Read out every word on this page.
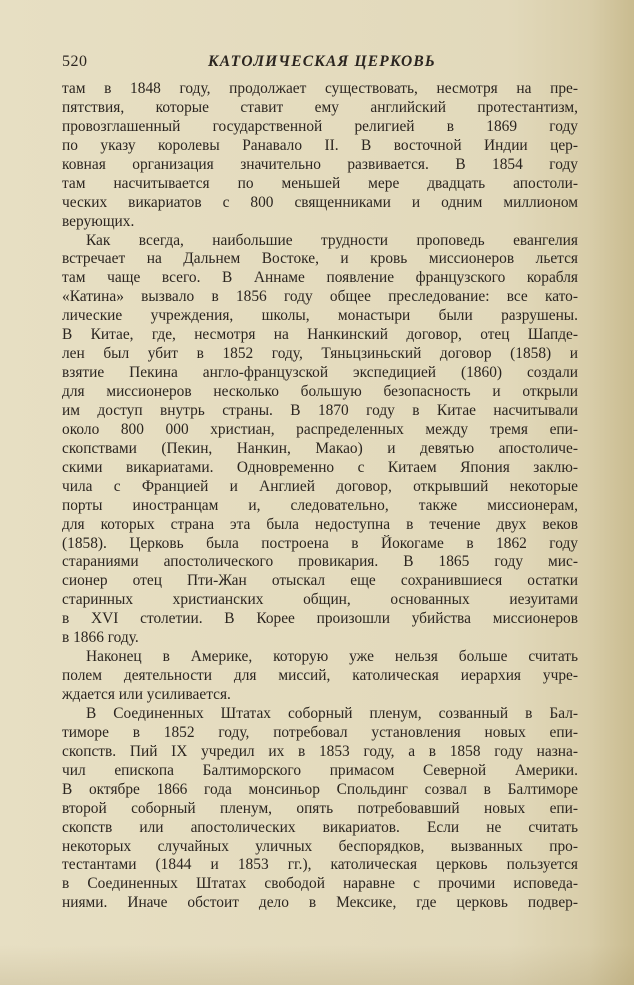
520	КАТОЛИЧЕСКАЯ ЦЕРКОВЬ
там в 1848 году, продолжает существовать, несмотря на пре-
пятствия, которые ставит ему английский протестантизм,
провозглашенный государственной религией в 1869 году
по указу королевы Ранавало II. В восточной Индии цер-
ковная организация значительно развивается. В 1854 году
там насчитывается по меньшей мере двадцать апостоли-
ческих викариатов с 800 священниками и одним миллионом
верующих.
Как всегда, наибольшие трудности проповедь евангелия
встречает на Дальнем Востоке, и кровь миссионеров льется
там чаще всего. В Аннаме появление французского корабля
«Катина» вызвало в 1856 году общее преследование: все като-
лические учреждения, школы, монастыри были разрушены.
В Китае, где, несмотря на Нанкинский договор, отец Шапде-
лен был убит в 1852 году, Тяньцзиньский договор (1858) и
взятие Пекина англо-французской экспедицией (1860) создали
для миссионеров несколько большую безопасность и открыли
им доступ внутрь страны. В 1870 году в Китае насчитывали
около 800 000 христиан, распределенных между тремя епи-
скопствами (Пекин, Нанкин, Макао) и девятью апостоличе-
скими викариатами. Одновременно с Китаем Япония заклю-
чила с Францией и Англией договор, открывший некоторые
порты иностранцам и, следовательно, также миссионерам,
для которых страна эта была недоступна в течение двух веков
(1858). Церковь была построена в Йокогаме в 1862 году
стараниями апостолического провикария. В 1865 году мис-
сионер отец Пти-Жан отыскал еще сохранившиеся остатки
старинных христианских общин, основанных иезуитами
в XVI столетии. В Корее произошли убийства миссионеров
в 1866 году.
Наконец в Америке, которую уже нельзя больше считать
полем деятельности для миссий, католическая иерархия учре-
ждается или усиливается.
В Соединенных Штатах соборный пленум, созванный в Бал-
тиморе в 1852 году, потребовал установления новых епи-
скопств. Пий IX учредил их в 1853 году, а в 1858 году назна-
чил епископа Балтиморского примасом Северной Америки.
В октябре 1866 года монсиньор Спольдинг созвал в Балтиморе
второй соборный пленум, опять потребовавший новых епи-
скопств или апостолических викариатов. Если не считать
некоторых случайных уличных беспорядков, вызванных про-
тестантами (1844 и 1853 гг.), католическая церковь пользуется
в Соединенных Штатах свободой наравне с прочими исповеда-
ниями. Иначе обстоит дело в Мексике, где церковь подвер-
